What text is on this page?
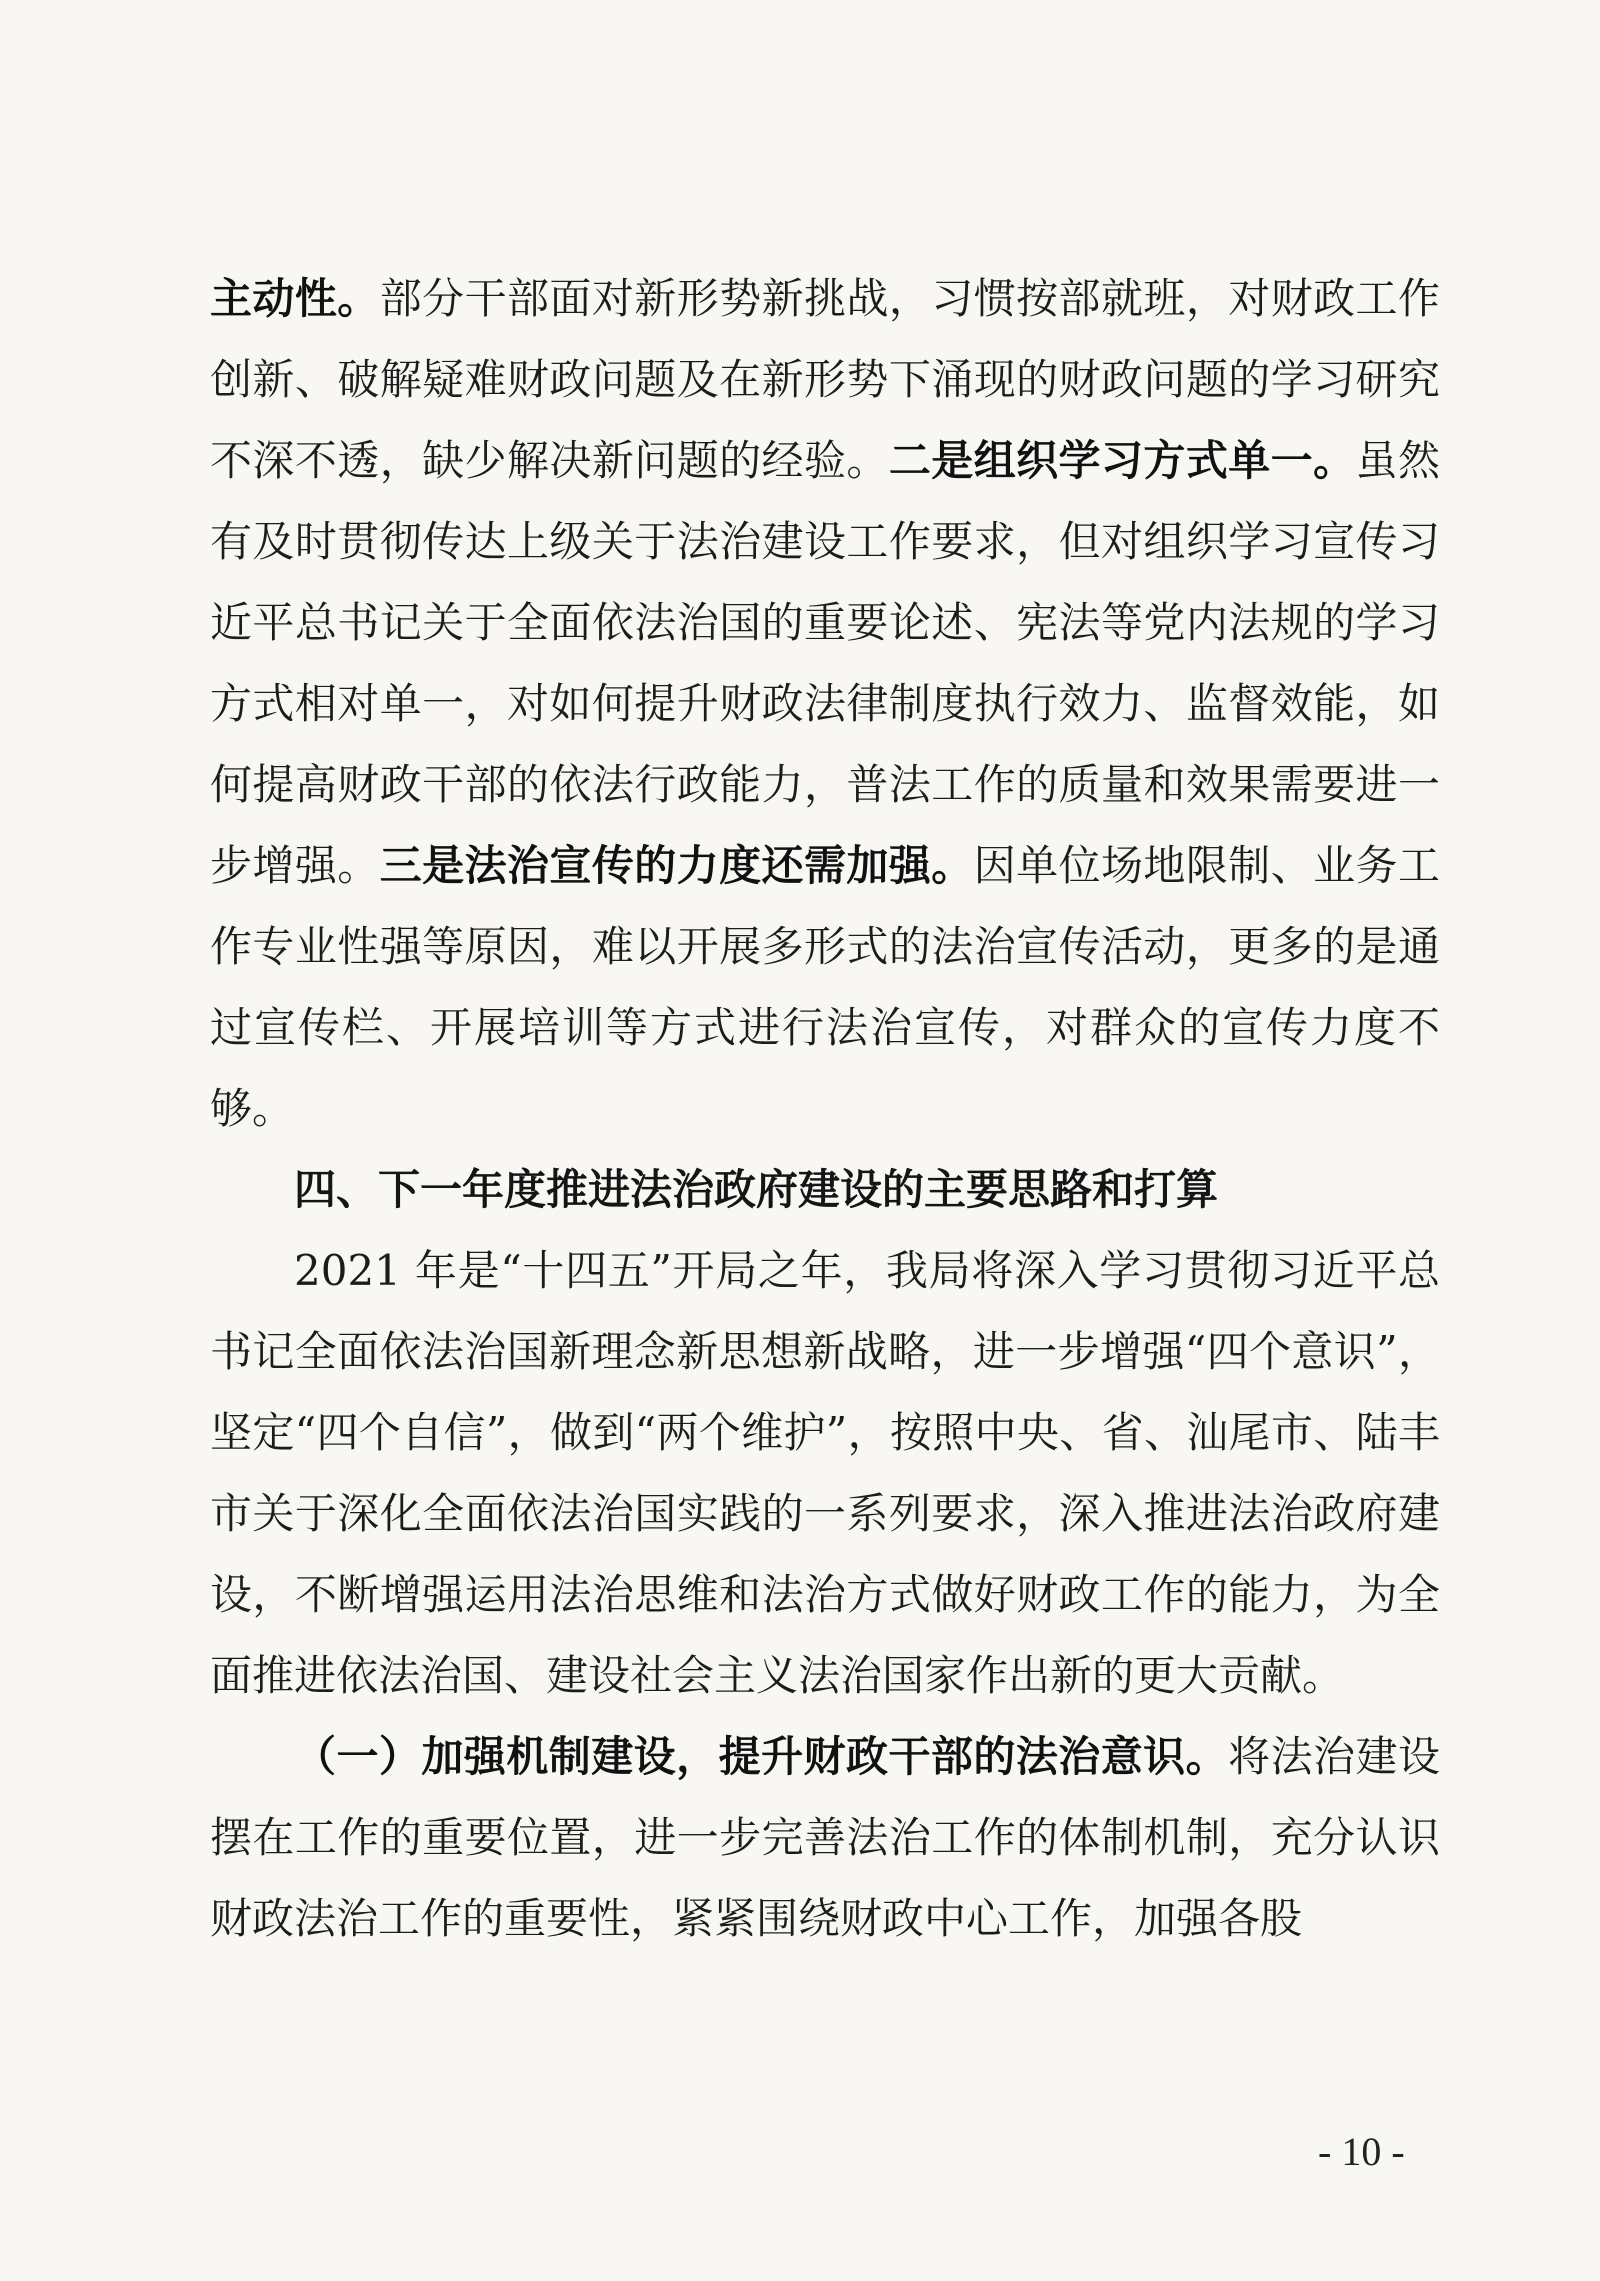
主动性。部分干部面对新形势新挑战，习惯按部就班，对财政工作创新、破解疑难财政问题及在新形势下涌现的财政问题的学习研究不深不透，缺少解决新问题的经验。二是组织学习方式单一。虽然有及时贯彻传达上级关于法治建设工作要求，但对组织学习宣传习近平总书记关于全面依法治国的重要论述、宪法等党内法规的学习方式相对单一，对如何提升财政法律制度执行效力、监督效能，如何提高财政干部的依法行政能力，普法工作的质量和效果需要进一步增强。三是法治宣传的力度还需加强。因单位场地限制、业务工作专业性强等原因，难以开展多形式的法治宣传活动，更多的是通过宣传栏、开展培训等方式进行法治宣传，对群众的宣传力度不够。

四、下一年度推进法治政府建设的主要思路和打算

2021 年是“十四五”开局之年，我局将深入学习贯彻习近平总书记全面依法治国新理念新思想新战略，进一步增强“四个意识”，坚定“四个自信”，做到“两个维护”，按照中央、省、汕尾市、陆丰市关于深化全面依法治国实践的一系列要求，深入推进法治政府建设，不断增强运用法治思维和法治方式做好财政工作的能力，为全面推进依法治国、建设社会主义法治国家作出新的更大贡献。

（一）加强机制建设，提升财政干部的法治意识。将法治建设摆在工作的重要位置，进一步完善法治工作的体制机制，充分认识财政法治工作的重要性，紧紧围绕财政中心工作，加强各股

- 10 -
